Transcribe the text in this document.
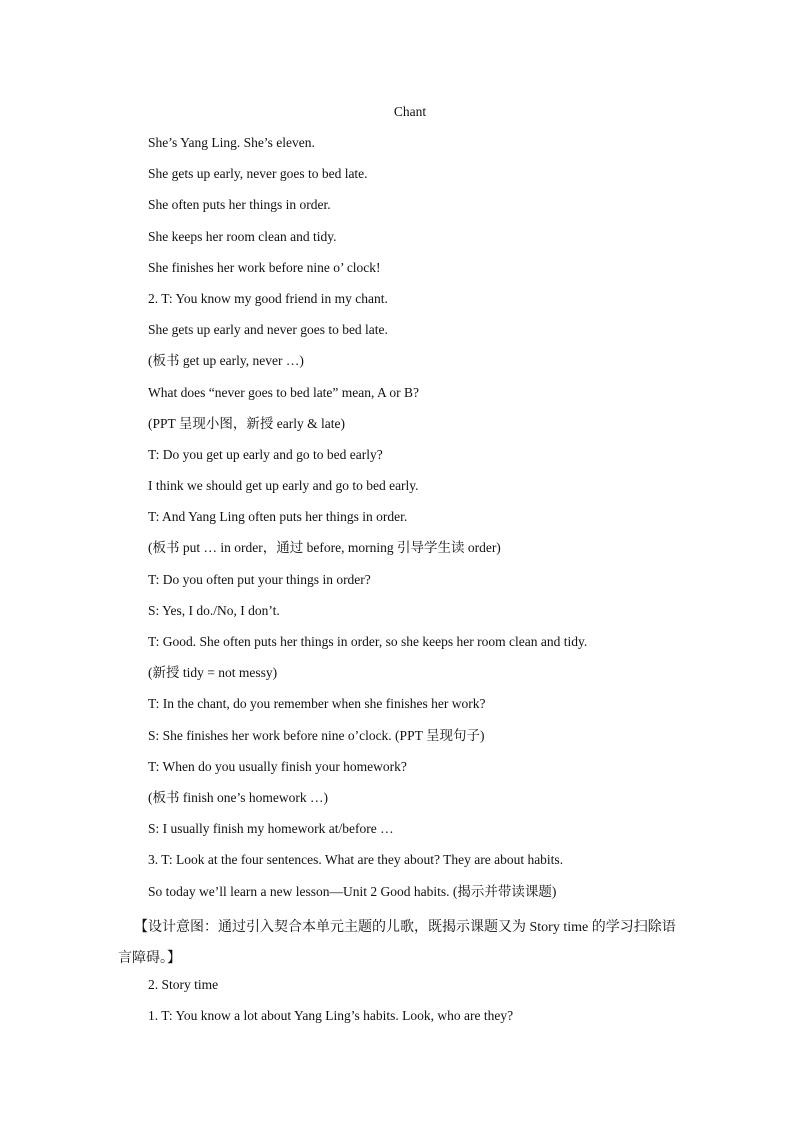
Chant
She’s Yang Ling. She’s eleven.
She gets up early, never goes to bed late.
She often puts her things in order.
She keeps her room clean and tidy.
She finishes her work before nine o’ clock!
2. T: You know my good friend in my chant.
She gets up early and never goes to bed late.
(板书 get up early, never …)
What does “never goes to bed late” mean, A or B?
(PPT 呈现小图，新授 early & late)
T: Do you get up early and go to bed early?
I think we should get up early and go to bed early.
T: And Yang Ling often puts her things in order.
(板书 put … in order，通过 before, morning 引导学生读 order)
T: Do you often put your things in order?
S: Yes, I do./No, I don’t.
T: Good. She often puts her things in order, so she keeps her room clean and tidy.
(新授 tidy = not messy)
T: In the chant, do you remember when she finishes her work?
S: She finishes her work before nine o’clock. (PPT 呈现句子)
T: When do you usually finish your homework?
(板书 finish one’s homework …)
S: I usually finish my homework at/before …
3. T: Look at the four sentences. What are they about? They are about habits.
So today we’ll learn a new lesson—Unit 2 Good habits. (揭示并带读课题)
【设计意图：通过引入契合本单元主题的儿歌，既揭示课题又为 Story time 的学习扫除语言障碍。】
2. Story time
1. T: You know a lot about Yang Ling’s habits. Look, who are they?
